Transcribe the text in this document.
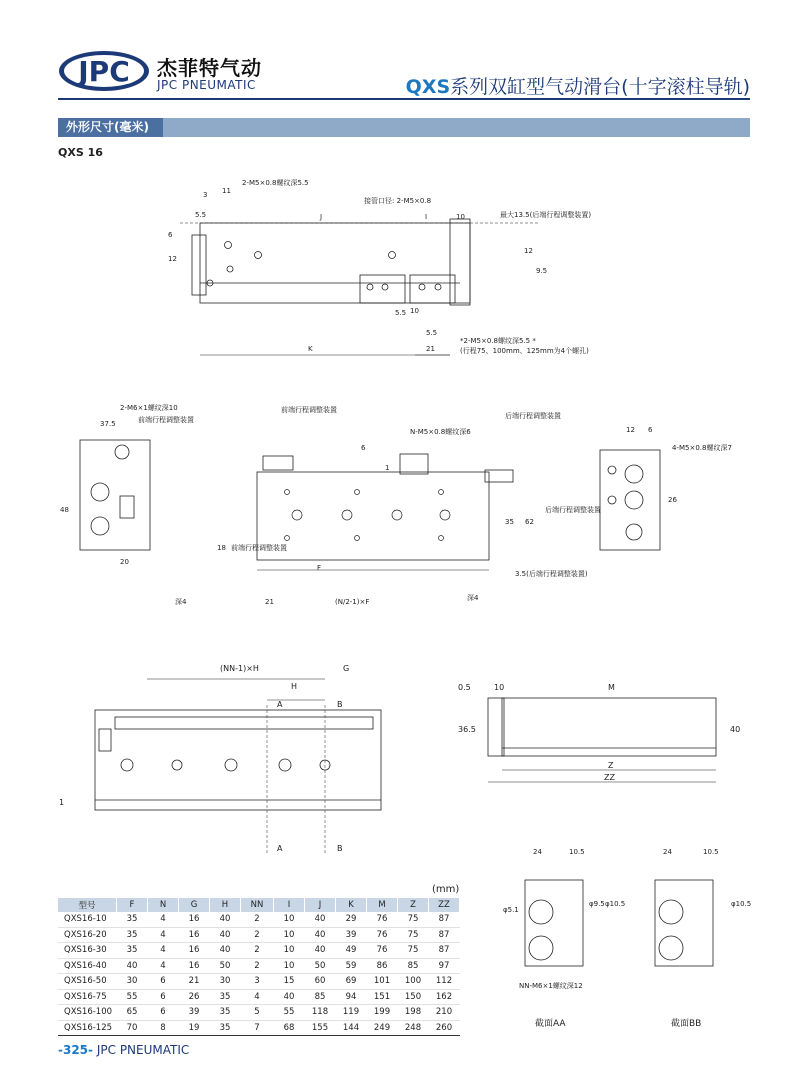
JPC 杰菲特气动
JPC PNEUMATIC	QXS系列双缸型气动滑台(十字滚柱导轨)
外形尺寸(毫米)
QXS 16
3 11
2-M5×0.8螺纹深5.5
5.5	J
接管口径: 2-M5×0.8
I	10	最大13.5(后端行程调整装置)
6
12
12
9.5
5.5 10
5.5
K	21
*2-M5×0.8螺纹深5.5 *
(行程75、100mm、125mm为4个螺孔)
2-M6×1螺纹深10
37.5	前端行程调整装置
48
20
前端行程调整装置
N-M5×0.8螺纹深6
后端行程调整装置
6
1
18 前端行程调整装置
35 62
后端行程调整装置
F
21	(N/2-1)×F
3.5(后端行程调整装置)
深4	深4
12 6
4-M5×0.8螺纹深7
26
(NN-1)×H	G
H
A	B
A	B
1
0.5	10	M
36.5	40
Z
ZZ
24	10.5
φ5.1
φ9.5 φ10.5
NN-M6×1螺纹深12
截面AA
24	10.5
φ10.5
截面BB
(mm)
型号	F	N	G	H	NN	I	J	K	M	Z	ZZ
QXS16-10	35	4	16	40	2	10	40	29	76	75	87
QXS16-20	35	4	16	40	2	10	40	39	76	75	87
QXS16-30	35	4	16	40	2	10	40	49	76	75	87
QXS16-40	40	4	16	50	2	10	50	59	86	85	97
QXS16-50	30	6	21	30	3	15	60	69	101	100	112
QXS16-75	55	6	26	35	4	40	85	94	151	150	162
QXS16-100	65	6	39	35	5	55	118	119	199	198	210
QXS16-125	70	8	19	35	7	68	155	144	249	248	260
-325- JPC PNEUMATIC
